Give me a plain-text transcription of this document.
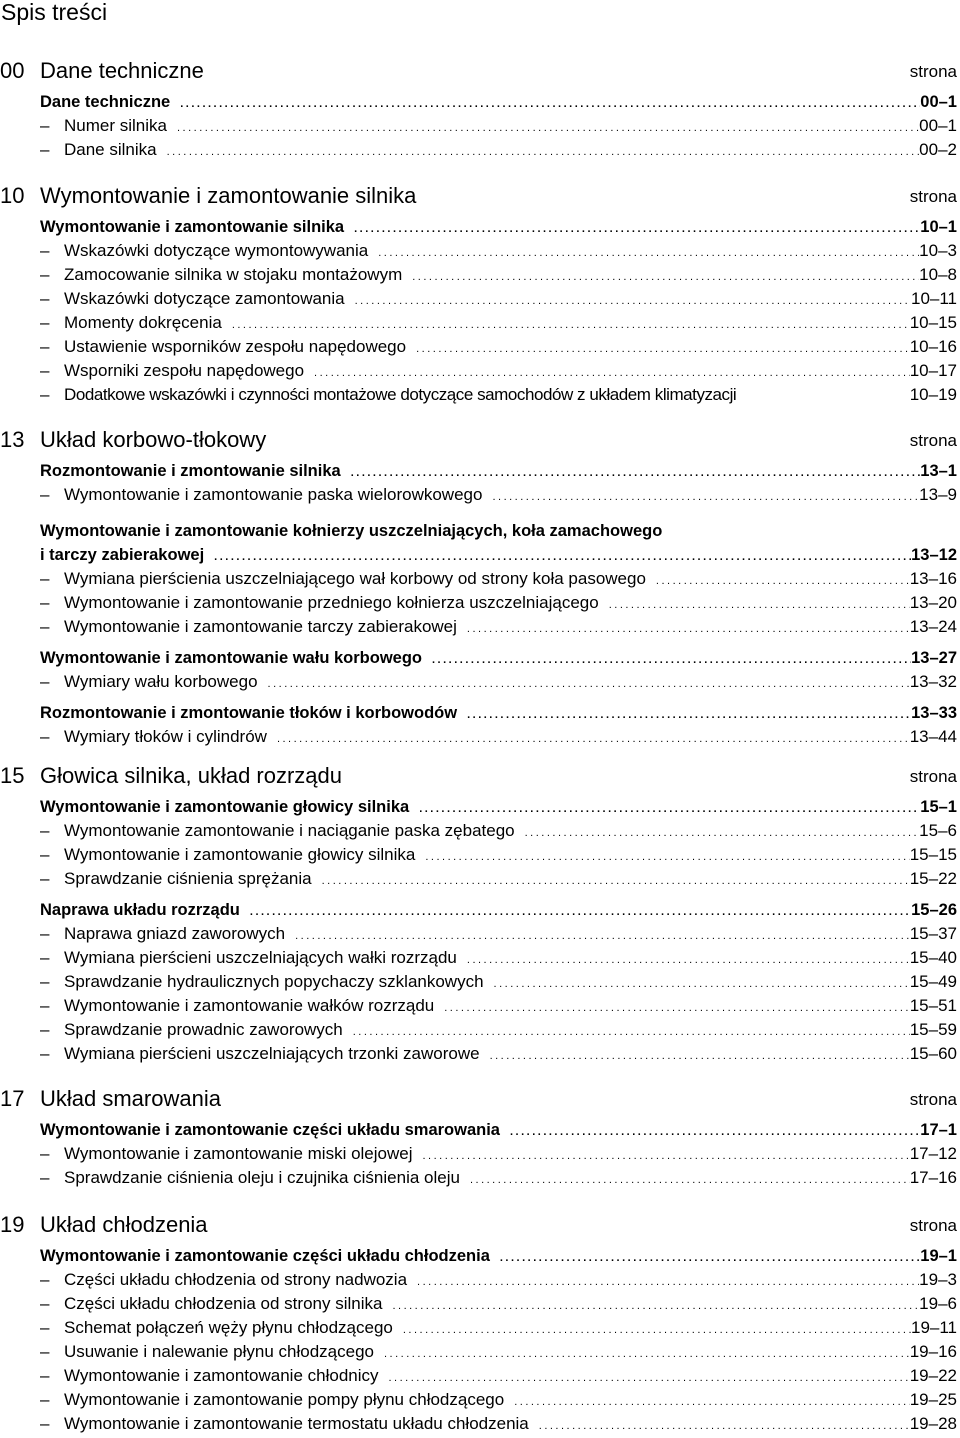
Spis treści
00 Dane techniczne	strona
Dane techniczne .....	00–1
– Numer silnika .....	00–1
– Dane silnika .....	00–2
10 Wymontowanie i zamontowanie silnika	strona
Wymontowanie i zamontowanie silnika .....	10–1
– Wskazówki dotyczące wymontowywania .....	10–3
– Zamocowanie silnika w stojaku montażowym .....	10–8
– Wskazówki dotyczące zamontowania .....	10–11
– Momenty dokręcenia .....	10–15
– Ustawienie wsporników zespołu napędowego .....	10–16
– Wsporniki zespołu napędowego .....	10–17
– Dodatkowe wskazówki i czynności montażowe dotyczące samochodów z układem klimatyzacji	10–19
13 Układ korbowo-tłokowy	strona
Rozmontowanie i zmontowanie silnika .....	13–1
– Wymontowanie i zamontowanie paska wielorowkowego .....	13–9
Wymontowanie i zamontowanie kołnierzy uszczelniających, koła zamachowego
i tarczy zabierakowej .....	13–12
– Wymiana pierścienia uszczelniającego wał korbowy od strony koła pasowego .....	13–16
– Wymontowanie i zamontowanie przedniego kołnierza uszczelniającego .....	13–20
– Wymontowanie i zamontowanie tarczy zabierakowej .....	13–24
Wymontowanie i zamontowanie wału korbowego .....	13–27
– Wymiary wału korbowego .....	13–32
Rozmontowanie i zmontowanie tłoków i korbowodów .....	13–33
– Wymiary tłoków i cylindrów .....	13–44
15 Głowica silnika, układ rozrządu	strona
Wymontowanie i zamontowanie głowicy silnika .....	15–1
– Wymontowanie zamontowanie i naciąganie paska zębatego .....	15–6
– Wymontowanie i zamontowanie głowicy silnika .....	15–15
– Sprawdzanie ciśnienia sprężania .....	15–22
Naprawa układu rozrządu .....	15–26
– Naprawa gniazd zaworowych .....	15–37
– Wymiana pierścieni uszczelniających wałki rozrządu .....	15–40
– Sprawdzanie hydraulicznych popychaczy szklankowych .....	15–49
– Wymontowanie i zamontowanie wałków rozrządu .....	15–51
– Sprawdzanie prowadnic zaworowych .....	15–59
– Wymiana pierścieni uszczelniających trzonki zaworowe .....	15–60
17 Układ smarowania	strona
Wymontowanie i zamontowanie części układu smarowania .....	17–1
– Wymontowanie i zamontowanie miski olejowej .....	17–12
– Sprawdzanie ciśnienia oleju i czujnika ciśnienia oleju .....	17–16
19 Układ chłodzenia	strona
Wymontowanie i zamontowanie części układu chłodzenia .....	19–1
– Części układu chłodzenia od strony nadwozia .....	19–3
– Części układu chłodzenia od strony silnika .....	19–6
– Schemat połączeń węży płynu chłodzącego .....	19–11
– Usuwanie i nalewanie płynu chłodzącego .....	19–16
– Wymontowanie i zamontowanie chłodnicy .....	19–22
– Wymontowanie i zamontowanie pompy płynu chłodzącego .....	19–25
– Wymontowanie i zamontowanie termostatu układu chłodzenia .....	19–28
